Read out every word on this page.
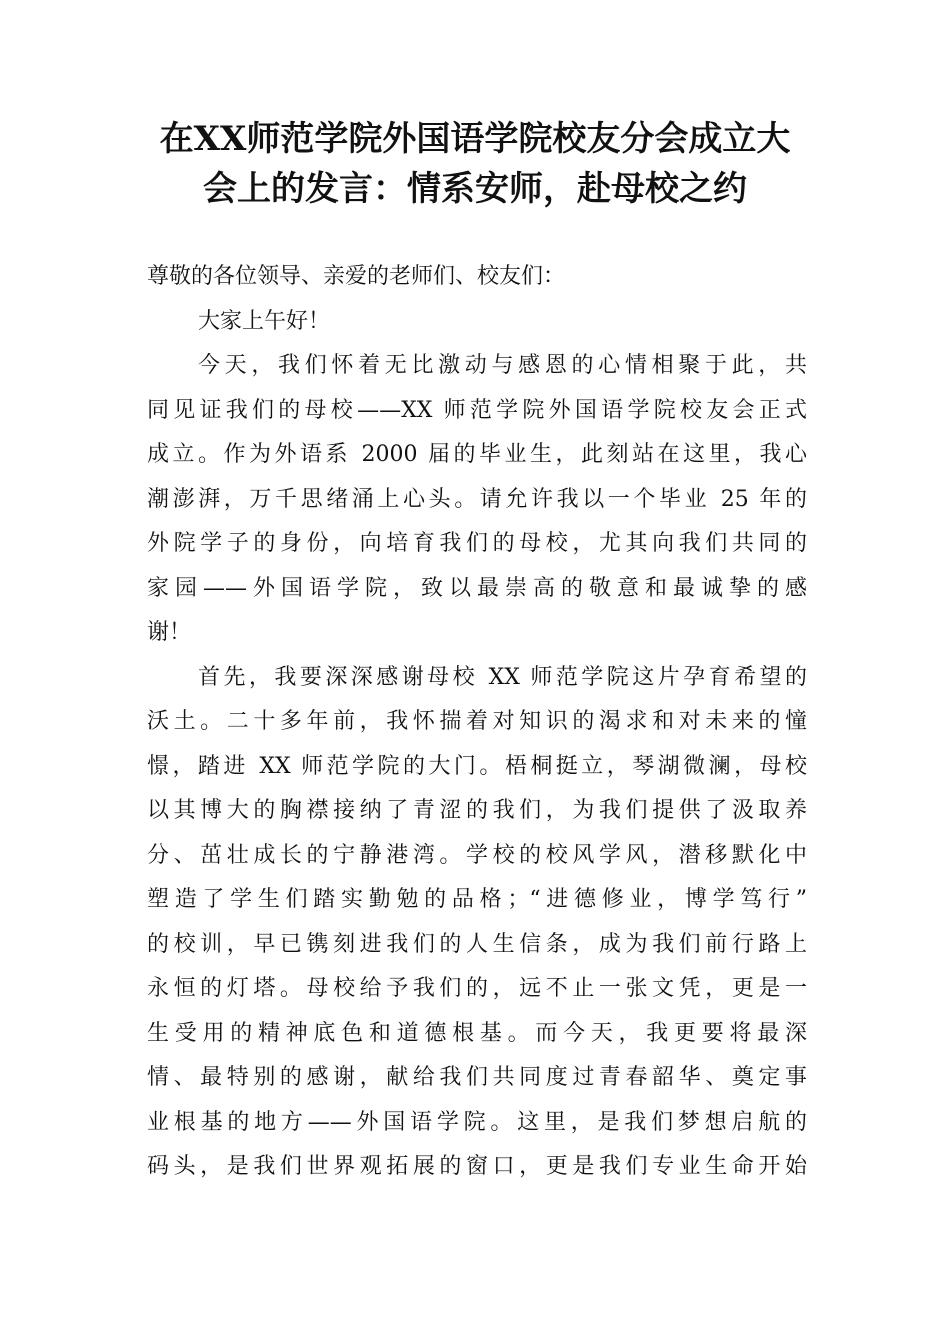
在XX师范学院外国语学院校友分会成立大
会上的发言：情系安师，赴母校之约
尊敬的各位领导、亲爱的老师们、校友们：
大家上午好！
今天，我们怀着无比激动与感恩的心情相聚于此，共
同见证我们的母校——XX 师范学院外国语学院校友会正式
成立。作为外语系 2000 届的毕业生，此刻站在这里，我心
潮澎湃，万千思绪涌上心头。请允许我以一个毕业 25 年的
外院学子的身份，向培育我们的母校，尤其向我们共同的
家园——外国语学院，致以最崇高的敬意和最诚挚的感
谢！
首先，我要深深感谢母校 XX 师范学院这片孕育希望的
沃土。二十多年前，我怀揣着对知识的渴求和对未来的憧
憬，踏进 XX 师范学院的大门。梧桐挺立，琴湖微澜，母校
以其博大的胸襟接纳了青涩的我们，为我们提供了汲取养
分、茁壮成长的宁静港湾。学校的校风学风，潜移默化中
塑造了学生们踏实勤勉的品格；“进德修业，博学笃行”
的校训，早已镌刻进我们的人生信条，成为我们前行路上
永恒的灯塔。母校给予我们的，远不止一张文凭，更是一
生受用的精神底色和道德根基。而今天，我更要将最深
情、最特别的感谢，献给我们共同度过青春韶华、奠定事
业根基的地方——外国语学院。这里，是我们梦想启航的
码头，是我们世界观拓展的窗口，更是我们专业生命开始
